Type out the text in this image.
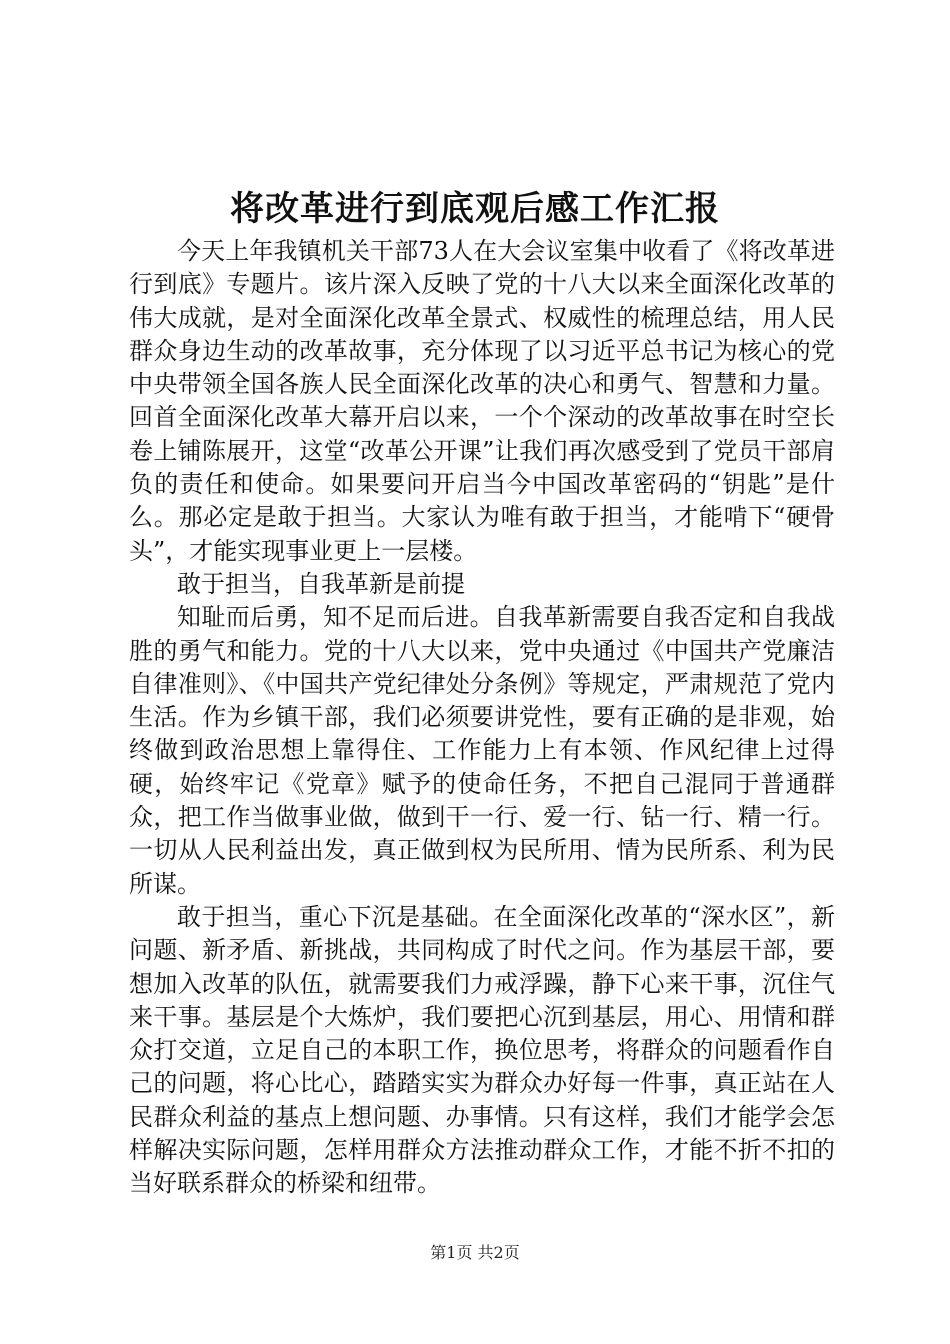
将改革进行到底观后感工作汇报

今天上年我镇机关干部73人在大会议室集中收看了《将改革进行到底》专题片。该片深入反映了党的十八大以来全面深化改革的伟大成就，是对全面深化改革全景式、权威性的梳理总结，用人民群众身边生动的改革故事，充分体现了以习近平总书记为核心的党中央带领全国各族人民全面深化改革的决心和勇气、智慧和力量。回首全面深化改革大幕开启以来，一个个深动的改革故事在时空长卷上铺陈展开，这堂“改革公开课”让我们再次感受到了党员干部肩负的责任和使命。如果要问开启当今中国改革密码的“钥匙”是什么。那必定是敢于担当。大家认为唯有敢于担当，才能啃下“硬骨头”，才能实现事业更上一层楼。

敢于担当，自我革新是前提

知耻而后勇，知不足而后进。自我革新需要自我否定和自我战胜的勇气和能力。党的十八大以来，党中央通过《中国共产党廉洁自律准则》、《中国共产党纪律处分条例》等规定，严肃规范了党内生活。作为乡镇干部，我们必须要讲党性，要有正确的是非观，始终做到政治思想上靠得住、工作能力上有本领、作风纪律上过得硬，始终牢记《党章》赋予的使命任务，不把自己混同于普通群众，把工作当做事业做，做到干一行、爱一行、钻一行、精一行。一切从人民利益出发，真正做到权为民所用、情为民所系、利为民所谋。

敢于担当，重心下沉是基础。在全面深化改革的“深水区”，新问题、新矛盾、新挑战，共同构成了时代之问。作为基层干部，要想加入改革的队伍，就需要我们力戒浮躁，静下心来干事，沉住气来干事。基层是个大炼炉，我们要把心沉到基层，用心、用情和群众打交道，立足自己的本职工作，换位思考，将群众的问题看作自己的问题，将心比心，踏踏实实为群众办好每一件事，真正站在人民群众利益的基点上想问题、办事情。只有这样，我们才能学会怎样解决实际问题，怎样用群众方法推动群众工作，才能不折不扣的当好联系群众的桥梁和纽带。

第1页 共2页
